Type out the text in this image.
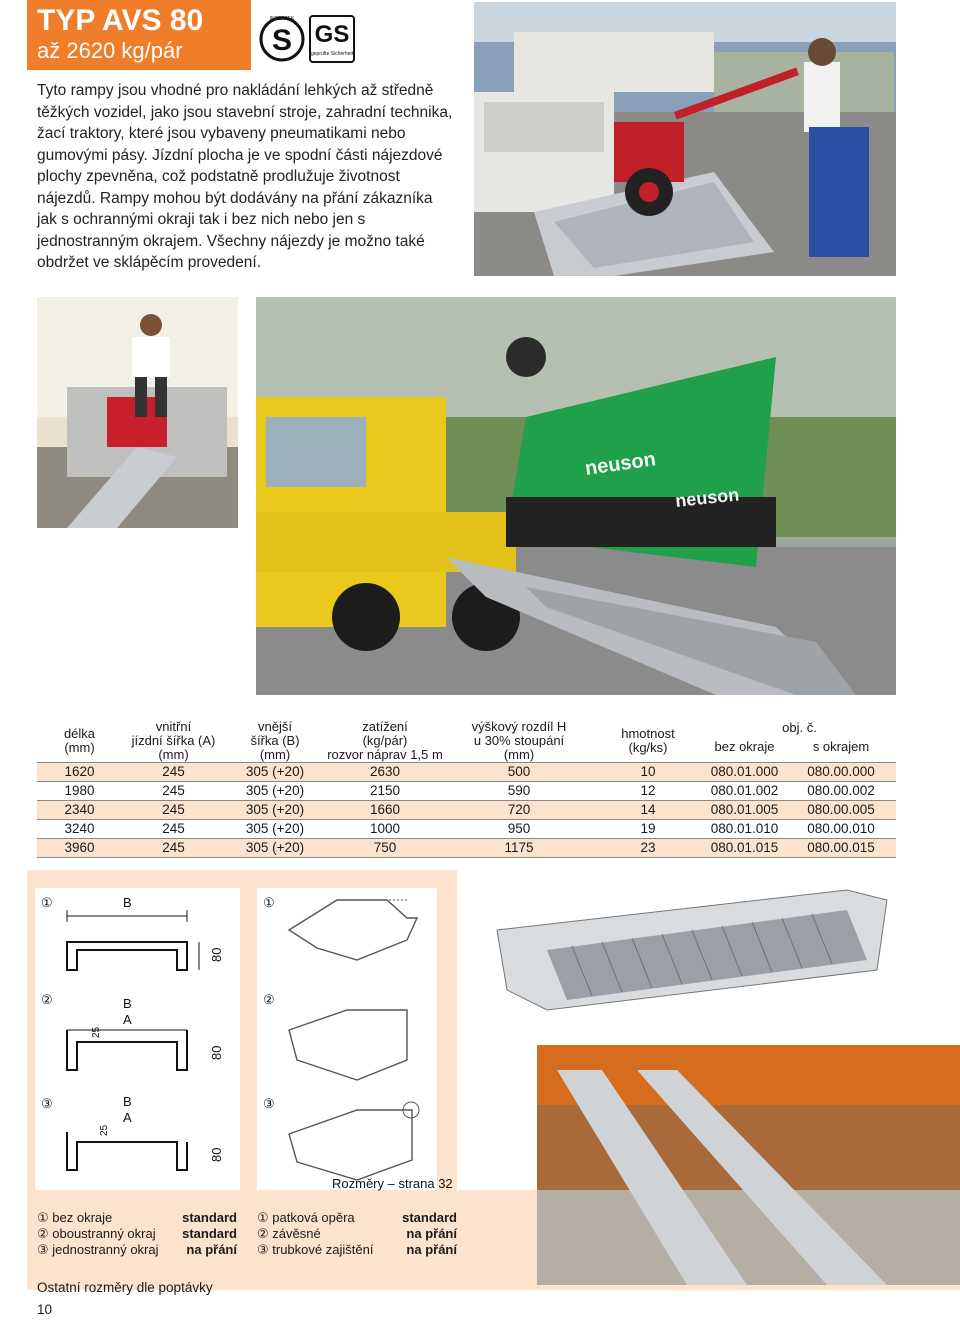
TYP AVS 80
až 2620 kg/pár	S
INTERTEK
GS
geprüfte Sicherheit
Tyto rampy jsou vhodné pro nakládání lehkých až středně těžkých vozidel, jako jsou stavební stroje, zahradní technika, žací traktory, které jsou vybaveny pneumatikami nebo gumovými pásy. Jízdní plocha je ve spodní části nájezdové plochy zpevněna, což podstatně prodlužuje životnost nájezdů. Rampy mohou být dodávány na přání zákazníka jak s ochrannými okraji tak i bez nich nebo jen s jednostranným okrajem. Všechny nájezdy je možno také obdržet ve sklápěcím provedení.
neuson
neuson
délka
(mm)	vnitřní
jízdní šířka (A)
(mm)	vnější
šířka (B)
(mm)	zatížení
(kg/pár)
rozvor náprav 1,5 m	výškový rozdíl H
u 30% stoupání
(mm)	hmotnost
(kg/ks)	obj. č.	
						bez okraje	s okrajem
1620	245	305 (+20)	2630	500	10	080.01.000	080.00.000
1980	245	305 (+20)	2150	590	12	080.01.002	080.00.002
2340	245	305 (+20)	1660	720	14	080.01.005	080.00.005
3240	245	305 (+20)	1000	950	19	080.01.010	080.00.010
3960	245	305 (+20)	750	1175	23	080.01.015	080.00.015
①	B
80
②	B
A
25
80
③	B
A
25
80
①
②
③
Rozměry – strana 32
① bez okraje	standard
② oboustranný okraj	standard
③ jednostranný okraj	na přání
① patková opěra	standard
② závěsné	na přání
③ trubkové zajištění	na přání
Ostatní rozměry dle poptávky
10
